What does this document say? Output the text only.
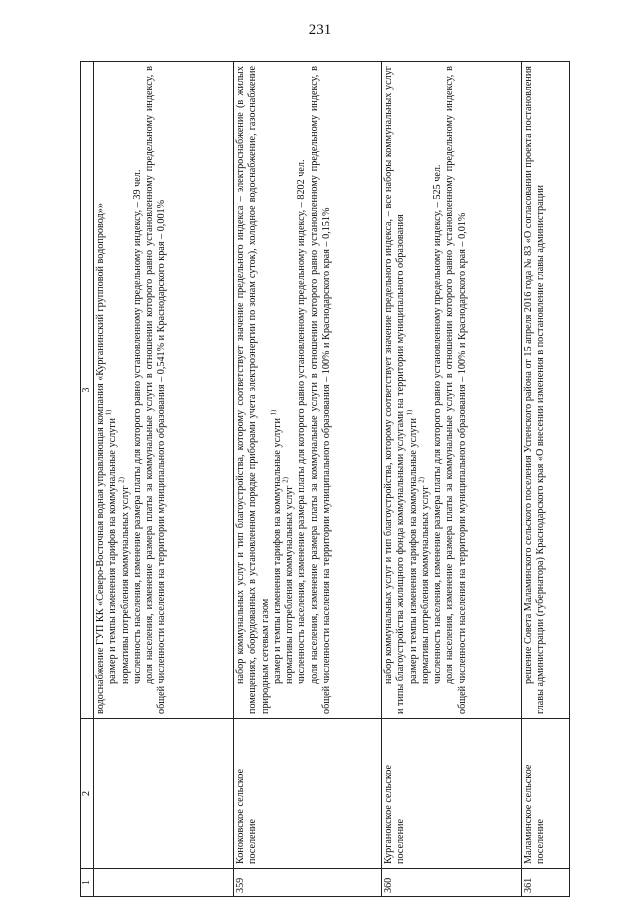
231
1	2	3

		водоснабжение ГУП КК «Северо-Восточная водная управляющая компания «Курганинский групповой водопровод»» размер и темпы изменения тарифов на коммунальные услуги $^{1)}$

нормативы потребления коммунальных услуг $^{2)}$ численность населения, изменение размера платы для которого равно установленному предельному индексу, – 39 чел. доля населения, изменение размера платы за коммунальные услуги в отношении которого равно установленному предельному индексу, в общей численности населения на территории муниципального образования – 0,541% и Краснодарского края – 0,001%

359	Коноковское сельское поселение	набор коммунальных услуг и тип благоустройства, которому соответствует значение предельного индекса – электроснабжение (в жилых помещениях, оборудованных в установленном порядке приборами учета электроэнергии по зонам суток), холодное водоснабжение, газоснабжение природным сетевым газом размер и темпы изменения тарифов на коммунальные услуги $^{1)}$

нормативы потребления коммунальных услуг $^{2)}$ численность населения, изменение размера платы для которого равно установленному предельному индексу, – 8202 чел. доля населения, изменение размера платы за коммунальные услуги в отношении которого равно установленному предельному индексу, в общей численности населения на территории муниципального образования – 100% и Краснодарского края – 0,151%

360	Курганокское сельское поселение	набор коммунальных услуг и тип благоустройства, которому соответствует значение предельного индекса, – все наборы коммунальных услуг и типы благоустройства жилищного фонда коммунальными услугами на территории муниципального образования размер и темпы изменения тарифов на коммунальные услуги $^{1)}$

нормативы потребления коммунальных услуг $^{2)}$ численность населения, изменение размера платы для которого равно установленному предельному индексу, – 525 чел. доля населения, изменение размера платы за коммунальные услуги в отношении которого равно установленному предельному индексу, в общей численности населения на территории муниципального образования – 100% и Краснодарского края – 0,01%

361	Маламинское сельское поселение	решение Совета Маламинского сельского поселения Успенского района от 15 апреля 2016 года № 83 «О согласовании проекта постановления главы администрации (губернатора) Краснодарского края «О внесении изменения в постановление главы администрации
